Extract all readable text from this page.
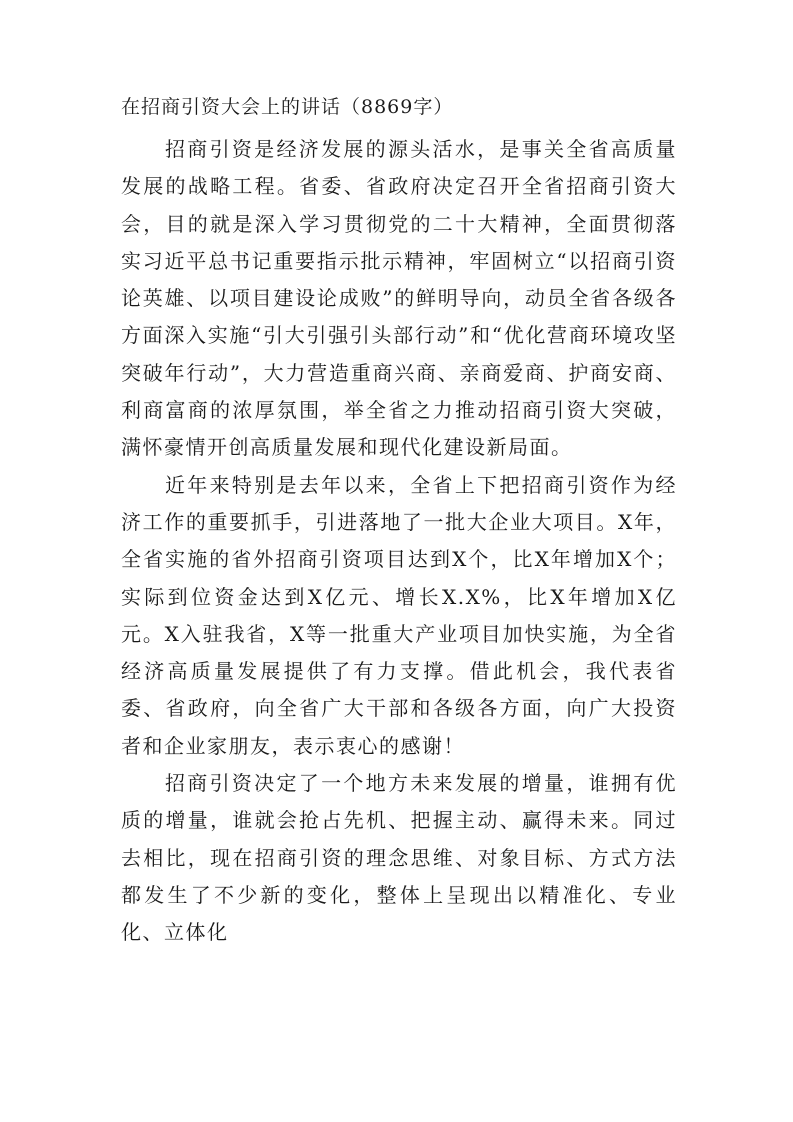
在招商引资大会上的讲话（8869字）

招商引资是经济发展的源头活水，是事关全省高质量发展的战略工程。省委、省政府决定召开全省招商引资大会，目的就是深入学习贯彻党的二十大精神，全面贯彻落实习近平总书记重要指示批示精神，牢固树立“以招商引资论英雄、以项目建设论成败”的鲜明导向，动员全省各级各方面深入实施“引大引强引头部行动”和“优化营商环境攻坚突破年行动”，大力营造重商兴商、亲商爱商、护商安商、利商富商的浓厚氛围，举全省之力推动招商引资大突破，满怀豪情开创高质量发展和现代化建设新局面。

近年来特别是去年以来，全省上下把招商引资作为经济工作的重要抓手，引进落地了一批大企业大项目。X年，全省实施的省外招商引资项目达到X个，比X年增加X个；实际到位资金达到X亿元、增长X.X%，比X年增加X亿元。X入驻我省，X等一批重大产业项目加快实施，为全省经济高质量发展提供了有力支撑。借此机会，我代表省委、省政府，向全省广大干部和各级各方面，向广大投资者和企业家朋友，表示衷心的感谢！

招商引资决定了一个地方未来发展的增量，谁拥有优质的增量，谁就会抢占先机、把握主动、赢得未来。同过去相比，现在招商引资的理念思维、对象目标、方式方法都发生了不少新的变化，整体上呈现出以精准化、专业化、立体化
